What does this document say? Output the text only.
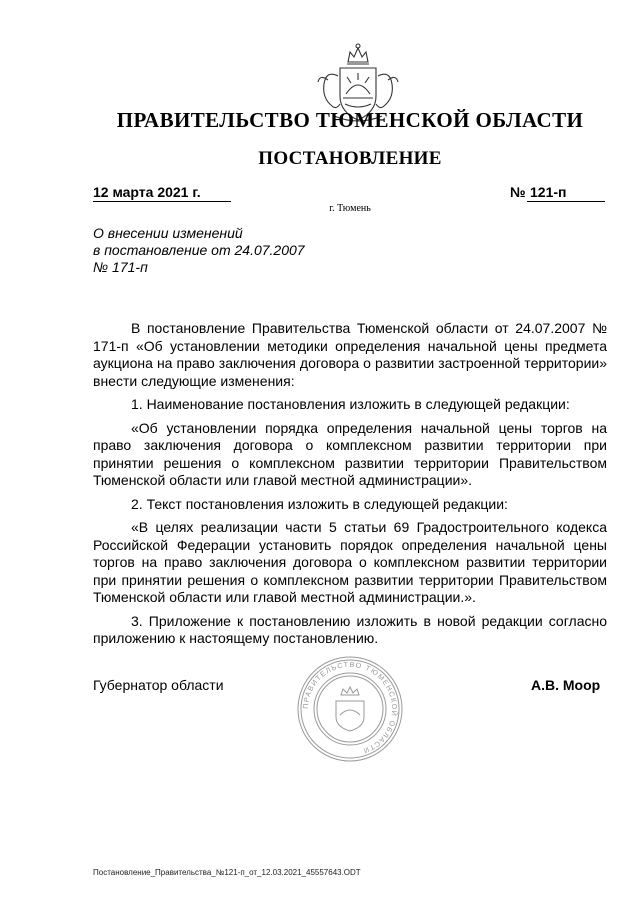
ПРАВИТЕЛЬСТВО ТЮМЕНСКОЙ ОБЛАСТИ
ПОСТАНОВЛЕНИЕ
12 марта 2021 г.	№ 121-п
г. Тюмень
О внесении изменений
в постановление от 24.07.2007
№ 171-п

В постановление Правительства Тюменской области от 24.07.2007 № 171-п «Об установлении методики определения начальной цены предмета аукциона на право заключения договора о развитии застроенной территории» внести следующие изменения:

1. Наименование постановления изложить в следующей редакции:

«Об установлении порядка определения начальной цены торгов на право заключения договора о комплексном развитии территории при принятии решения о комплексном развитии территории Правительством Тюменской области или главой местной администрации».

2. Текст постановления изложить в следующей редакции:

«В целях реализации части 5 статьи 69 Градостроительного кодекса Российской Федерации установить порядок определения начальной цены торгов на право заключения договора о комплексном развитии территории при принятии решения о комплексном развитии территории Правительством Тюменской области или главой местной администрации.».

3. Приложение к постановлению изложить в новой редакции согласно приложению к настоящему постановлению.

ПРАВИТЕЛЬСТВО ТЮМЕНСКОЙ ОБЛАСТИ
Губернатор области	А.В. Моор
Постановление_Правительства_№121-п_от_12.03.2021_45557643.ODT
